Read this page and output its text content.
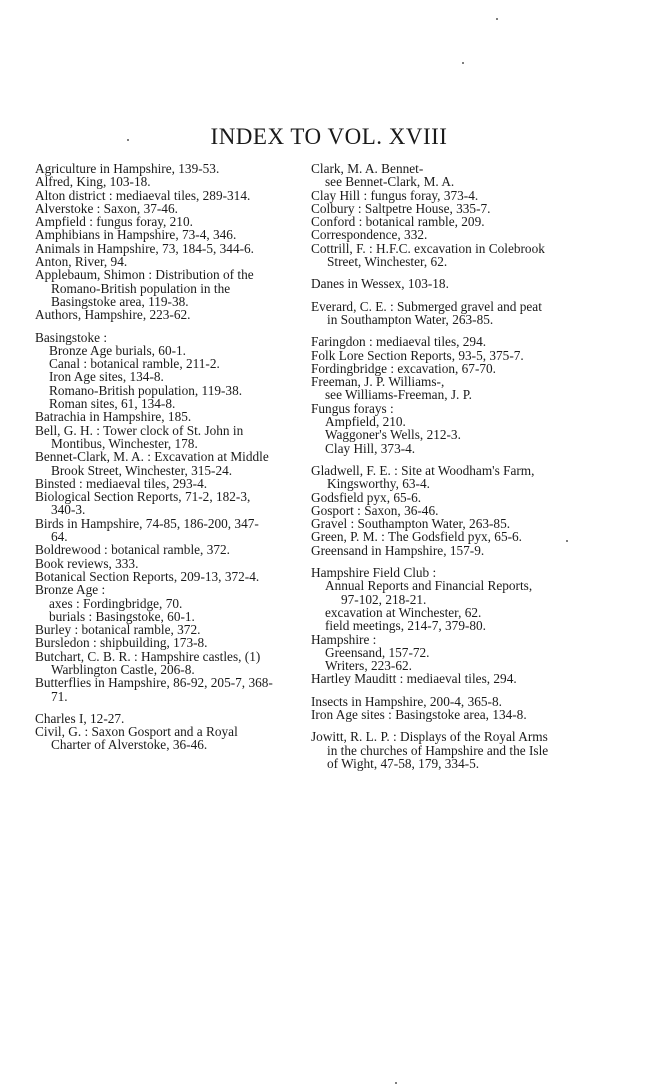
INDEX TO VOL. XVIII
Agriculture in Hampshire, 139-53.
Alfred, King, 103-18.
Alton district : mediaeval tiles, 289-314.
Alverstoke : Saxon, 37-46.
Ampfield : fungus foray, 210.
Amphibians in Hampshire, 73-4, 346.
Animals in Hampshire, 73, 184-5, 344-6.
Anton, River, 94.
Applebaum, Shimon : Distribution of the Romano-British population in the Basingstoke area, 119-38.
Authors, Hampshire, 223-62.
Basingstoke :
Bronze Age burials, 60-1.
Canal : botanical ramble, 211-2.
Iron Age sites, 134-8.
Romano-British population, 119-38.
Roman sites, 61, 134-8.
Batrachia in Hampshire, 185.
Bell, G. H. : Tower clock of St. John in Montibus, Winchester, 178.
Bennet-Clark, M. A. : Excavation at Middle Brook Street, Winchester, 315-24.
Binsted : mediaeval tiles, 293-4.
Biological Section Reports, 71-2, 182-3, 340-3.
Birds in Hampshire, 74-85, 186-200, 347-64.
Boldrewood : botanical ramble, 372.
Book reviews, 333.
Botanical Section Reports, 209-13, 372-4.
Bronze Age :
axes : Fordingbridge, 70.
burials : Basingstoke, 60-1.
Burley : botanical ramble, 372.
Bursledon : shipbuilding, 173-8.
Butchart, C. B. R. : Hampshire castles, (1) Warblington Castle, 206-8.
Butterflies in Hampshire, 86-92, 205-7, 368-71.
Charles I, 12-27.
Civil, G. : Saxon Gosport and a Royal Charter of Alverstoke, 36-46.
Clark, M. A. Bennet-
see Bennet-Clark, M. A.
Clay Hill : fungus foray, 373-4.
Colbury : Saltpetre House, 335-7.
Conford : botanical ramble, 209.
Correspondence, 332.
Cottrill, F. : H.F.C. excavation in Colebrook Street, Winchester, 62.
Danes in Wessex, 103-18.
Everard, C. E. : Submerged gravel and peat in Southampton Water, 263-85.
Faringdon : mediaeval tiles, 294.
Folk Lore Section Reports, 93-5, 375-7.
Fordingbridge : excavation, 67-70.
Freeman, J. P. Williams-,
see Williams-Freeman, J. P.
Fungus forays :
Ampfield, 210.
Waggoner's Wells, 212-3.
Clay Hill, 373-4.
Gladwell, F. E. : Site at Woodham's Farm, Kingsworthy, 63-4.
Godsfield pyx, 65-6.
Gosport : Saxon, 36-46.
Gravel : Southampton Water, 263-85.
Green, P. M. : The Godsfield pyx, 65-6.
Greensand in Hampshire, 157-9.
Hampshire Field Club :
Annual Reports and Financial Reports, 97-102, 218-21.
excavation at Winchester, 62.
field meetings, 214-7, 379-80.
Hampshire :
Greensand, 157-72.
Writers, 223-62.
Hartley Mauditt : mediaeval tiles, 294.
Insects in Hampshire, 200-4, 365-8.
Iron Age sites : Basingstoke area, 134-8.
Jowitt, R. L. P. : Displays of the Royal Arms in the churches of Hampshire and the Isle of Wight, 47-58, 179, 334-5.
